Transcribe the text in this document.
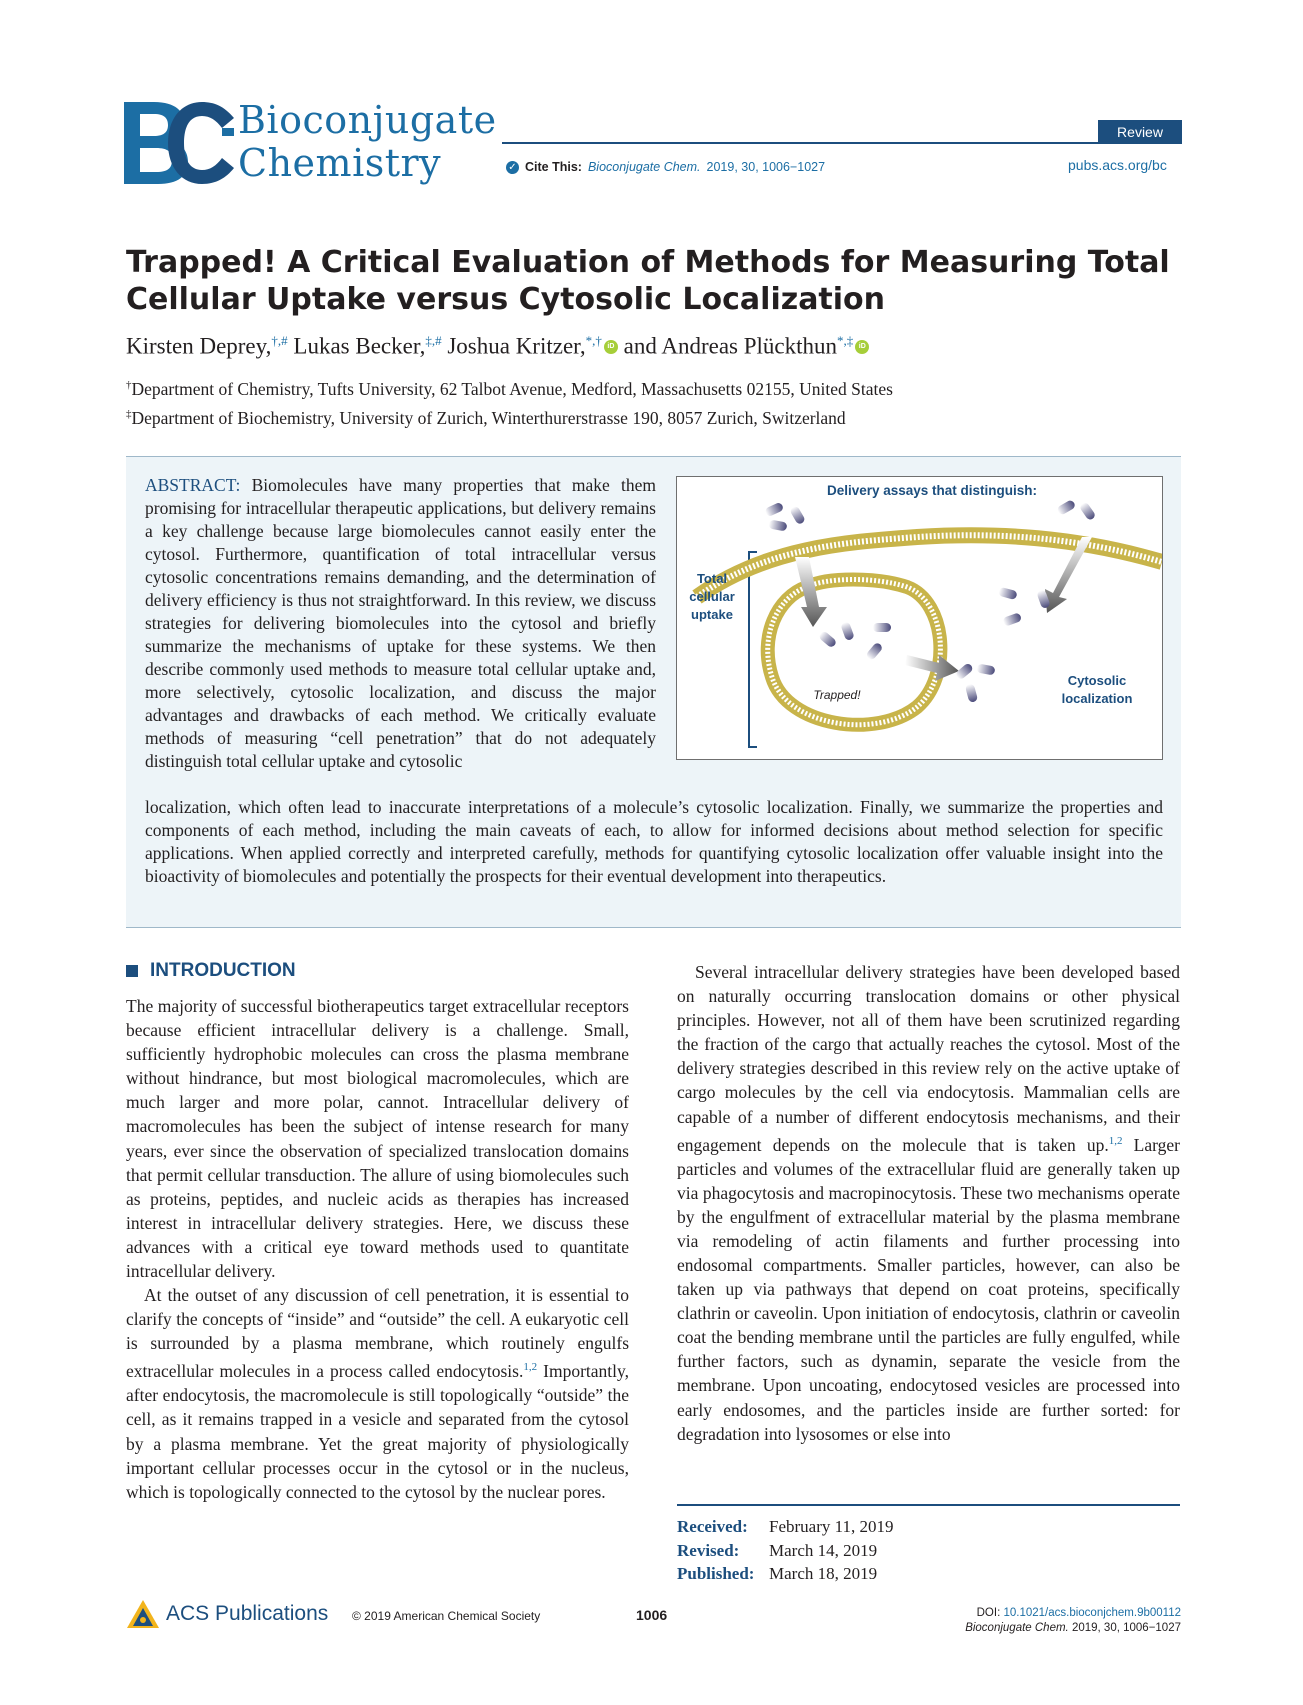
Bioconjugate
Chemistry
Review
✓ Cite This: Bioconjugate Chem. 2019, 30, 1006−1027	pubs.acs.org/bc
Trapped! A Critical Evaluation of Methods for Measuring Total Cellular Uptake versus Cytosolic Localization
Kirsten Deprey,†,# Lukas Becker,‡,# Joshua Kritzer,*,† iD and Andreas Plückthun*,‡ iD
†Department of Chemistry, Tufts University, 62 Talbot Avenue, Medford, Massachusetts 02155, United States
‡Department of Biochemistry, University of Zurich, Winterthurerstrasse 190, 8057 Zurich, Switzerland
ABSTRACT: Biomolecules have many properties that make them promising for intracellular therapeutic applications, but delivery remains a key challenge because large biomolecules cannot easily enter the cytosol. Furthermore, quantification of total intracellular versus cytosolic concentrations remains demanding, and the determination of delivery efficiency is thus not straightforward. In this review, we discuss strategies for delivering biomolecules into the cytosol and briefly summarize the mechanisms of uptake for these systems. We then describe commonly used methods to measure total cellular uptake and, more selectively, cytosolic localization, and discuss the major advantages and drawbacks of each method. We critically evaluate methods of measuring “cell penetration” that do not adequately distinguish total cellular uptake and cytosolic
localization, which often lead to inaccurate interpretations of a molecule’s cytosolic localization. Finally, we summarize the properties and components of each method, including the main caveats of each, to allow for informed decisions about method selection for specific applications. When applied correctly and interpreted carefully, methods for quantifying cytosolic localization offer valuable insight into the bioactivity of biomolecules and potentially the prospects for their eventual development into therapeutics.
Delivery assays that distinguish:
Total
cellular
uptake
Trapped!
Cytosolic
localization
INTRODUCTION

The majority of successful biotherapeutics target extracellular receptors because efficient intracellular delivery is a challenge. Small, sufficiently hydrophobic molecules can cross the plasma membrane without hindrance, but most biological macromolecules, which are much larger and more polar, cannot. Intracellular delivery of macromolecules has been the subject of intense research for many years, ever since the observation of specialized translocation domains that permit cellular transduction. The allure of using biomolecules such as proteins, peptides, and nucleic acids as therapies has increased interest in intracellular delivery strategies. Here, we discuss these advances with a critical eye toward methods used to quantitate intracellular delivery.

At the outset of any discussion of cell penetration, it is essential to clarify the concepts of “inside” and “outside” the cell. A eukaryotic cell is surrounded by a plasma membrane, which routinely engulfs extracellular molecules in a process called endocytosis.$^{1,2}$ Importantly, after endocytosis, the macromolecule is still topologically “outside” the cell, as it remains trapped in a vesicle and separated from the cytosol by a plasma membrane. Yet the great majority of physiologically important cellular processes occur in the cytosol or in the nucleus, which is topologically connected to the cytosol by the nuclear pores.

Several intracellular delivery strategies have been developed based on naturally occurring translocation domains or other physical principles. However, not all of them have been scrutinized regarding the fraction of the cargo that actually reaches the cytosol. Most of the delivery strategies described in this review rely on the active uptake of cargo molecules by the cell via endocytosis. Mammalian cells are capable of a number of different endocytosis mechanisms, and their engagement depends on the molecule that is taken up.$^{1,2}$ Larger particles and volumes of the extracellular fluid are generally taken up via phagocytosis and macropinocytosis. These two mechanisms operate by the engulfment of extracellular material by the plasma membrane via remodeling of actin filaments and further processing into endosomal compartments. Smaller particles, however, can also be taken up via pathways that depend on coat proteins, specifically clathrin or caveolin. Upon initiation of endocytosis, clathrin or caveolin coat the bending membrane until the particles are fully engulfed, while further factors, such as dynamin, separate the vesicle from the membrane. Upon uncoating, endocytosed vesicles are processed into early endosomes, and the particles inside are further sorted: for degradation into lysosomes or else into

Received: February 11, 2019
Revised: March 14, 2019
Published: March 18, 2019
ACS Publications © 2019 American Chemical Society	1006	DOI: 10.1021/acs.bioconjchem.9b00112
Bioconjugate Chem. 2019, 30, 1006−1027
